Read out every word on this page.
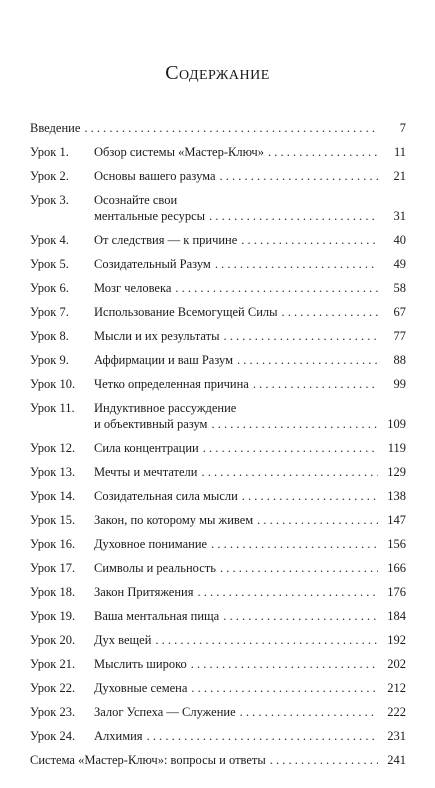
Содержание
Введение . . .	7
Урок 1.	Обзор системы «Мастер-Ключ» . . .	11
Урок 2.	Основы вашего разума . . .	21
Урок 3.	Осознайте свои
ментальные ресурсы . . .	31
Урок 4.	От следствия — к причине . . .	40
Урок 5.	Созидательный Разум . . .	49
Урок 6.	Мозг человека . . .	58
Урок 7.	Использование Всемогущей Силы . . .	67
Урок 8.	Мысли и их результаты . . .	77
Урок 9.	Аффирмации и ваш Разум . . .	88
Урок 10.	Четко определенная причина . . .	99
Урок 11.	Индуктивное рассуждение
и объективный разум . . .	109
Урок 12.	Сила концентрации . . .	119
Урок 13.	Мечты и мечтатели . . .	129
Урок 14.	Созидательная сила мысли . . .	138
Урок 15.	Закон, по которому мы живем . . .	147
Урок 16.	Духовное понимание . . .	156
Урок 17.	Символы и реальность . . .	166
Урок 18.	Закон Притяжения . . .	176
Урок 19.	Ваша ментальная пища . . .	184
Урок 20.	Дух вещей . . .	192
Урок 21.	Мыслить широко . . .	202
Урок 22.	Духовные семена . . .	212
Урок 23.	Залог Успеха — Служение . . .	222
Урок 24.	Алхимия . . .	231
Система «Мастер-Ключ»: вопросы и ответы . . .	241
